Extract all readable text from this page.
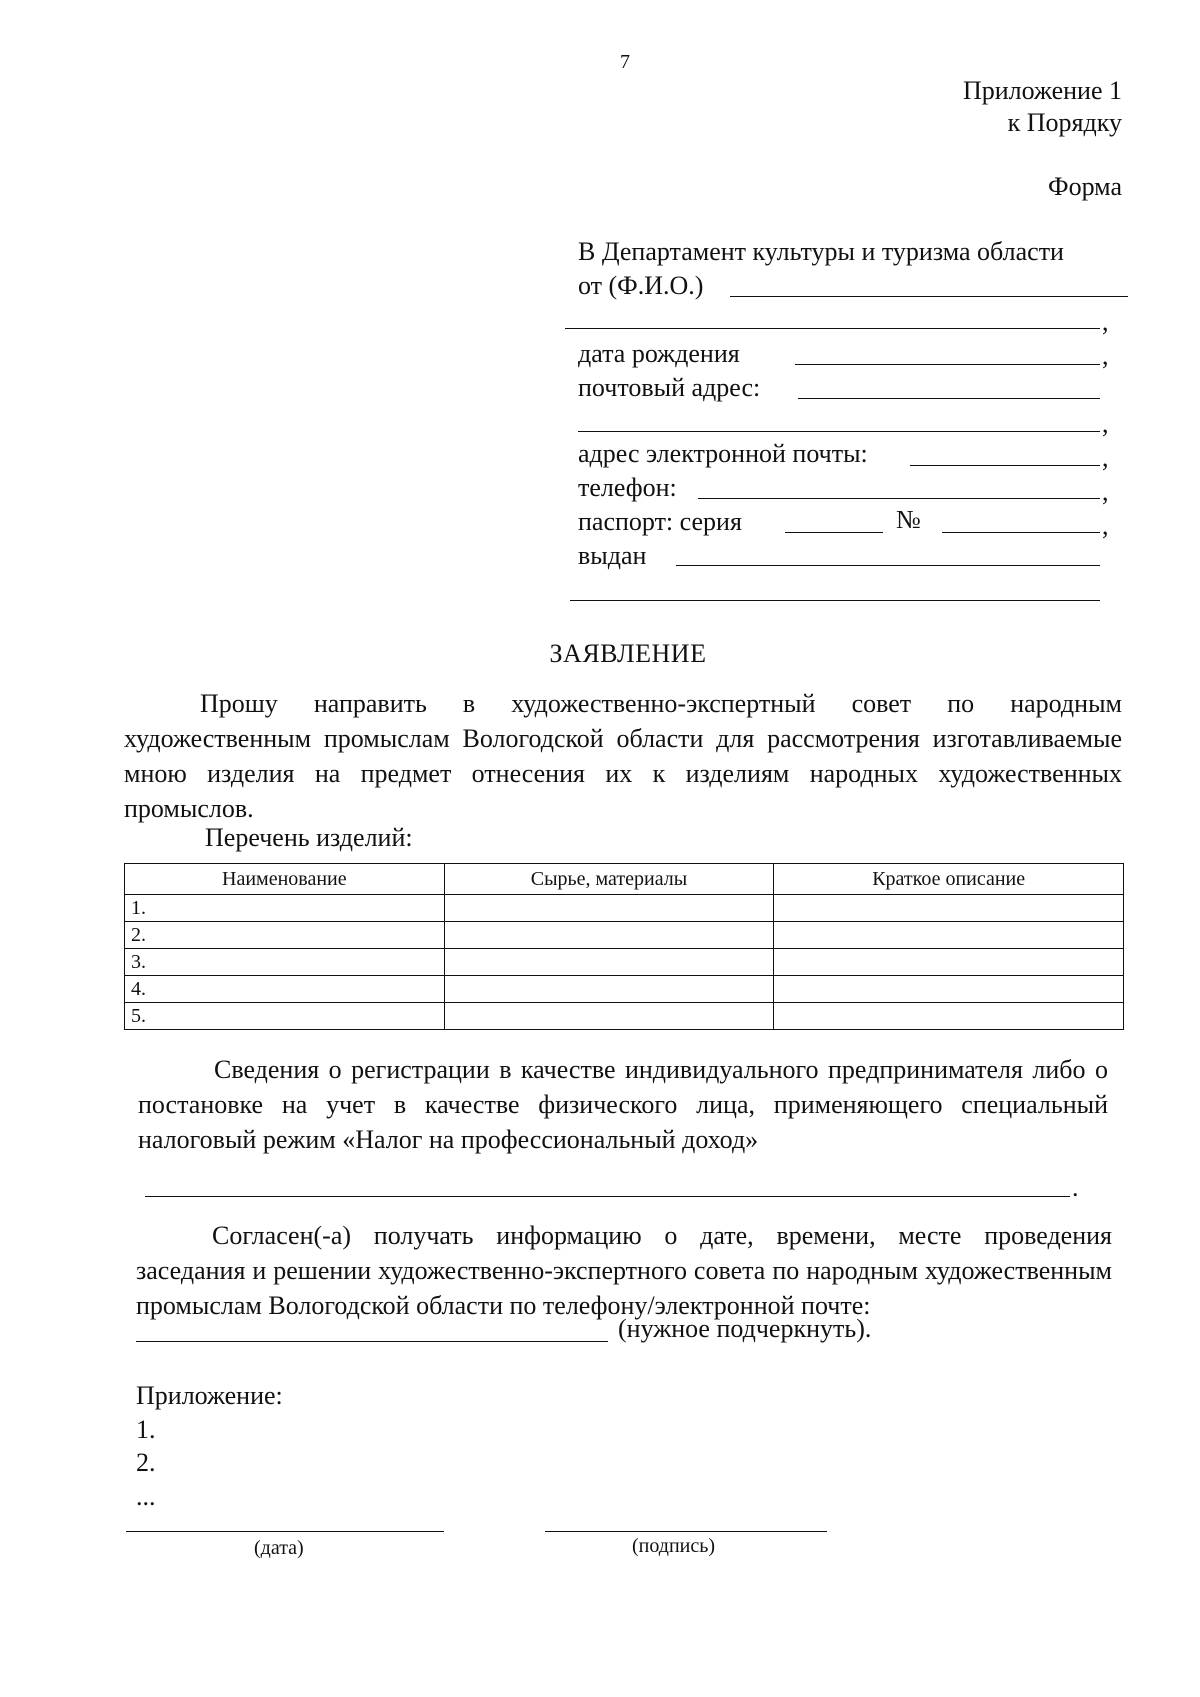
7
Приложение 1
к Порядку
Форма
В Департамент культуры и туризма области
от (Ф.И.О.)
,
дата рождения	,
почтовый адрес:
,
адрес электронной почты:	,
телефон:	,
паспорт: серия	№	,
выдан
ЗАЯВЛЕНИЕ
Прошу направить в художественно-экспертный совет по народным художественным промыслам Вологодской области для рассмотрения изготавливаемые мною изделия на предмет отнесения их к изделиям народных художественных промыслов.
Перечень изделий:
Наименование	Сырье, материалы	Краткое описание
1.		
2.		
3.		
4.		
5.		
Сведения о регистрации в качестве индивидуального предпринимателя либо о постановке на учет в качестве физического лица, применяющего специальный налоговый режим «Налог на профессиональный доход»
.
Согласен(-а) получать информацию о дате, времени, месте проведения заседания и решении художественно-экспертного совета по народным художественным промыслам Вологодской области по телефону/электронной почте:
(нужное подчеркнуть).
Приложение:
1.
2.
...
(дата)	(подпись)
